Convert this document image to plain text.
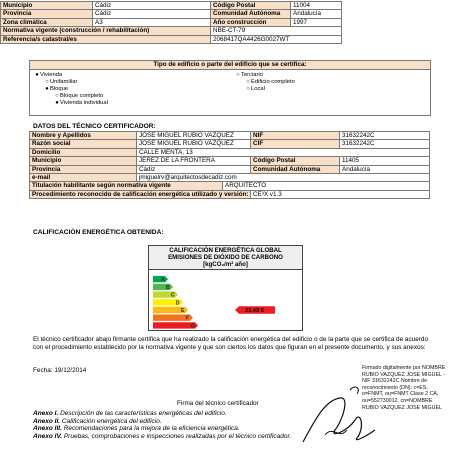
Municipio	Cádiz	Código Postal	11004
Provincia	Cádiz	Comunidad Autónoma	Andalucía
Zona climática	A3	Año construcción	1997
Normativa vigente (construcción / rehabilitación)		NBE-CT-79	
Referencia/s catastral/es		2068417QA4426G0027WT	
Tipo de edificio o parte del edificio que se certifica:
●Vivienda
○Unifamiliar
●Bloque
○Bloque completo
●Vivienda individual
○Terciario
○Edificio completo
○Local
DATOS DEL TÉCNICO CERTIFICADOR:
Nombre y Apellidos	JOSE MIGUEL RUBIO VAZQUEZ		NIF	31632242C
Razón social	JOSE MIGUEL RUBIO VAZQUEZ		CIF	31632242C
Domicilio	CALLE MENTA, 13			
Municipio	JEREZ DE LA FRONTERA		Código Postal	11405
Provincia	Cádiz		Comunidad Autónoma	Andalucía
e-mail	jmiguelrv@arquitectosdecadiz.com			
Titulación habilitante según normativa vigente		ARQUITECTO		
Procedimiento reconocido de calificación energética utilizado y versión:			CE³X v1.3	
CALIFICACIÓN ENERGÉTICA OBTENIDA:
CALIFICACIÓN ENERGÉTICA GLOBAL
EMISIONES DE DIÓXIDO DE CARBONO
[kgCO₂/m² año]
A
B
C
D
E
F
G
23.43 E
El técnico certificador abajo firmante certifica que ha realizado la calificación energética del edificio o de la parte que se certifica de acuerdo con el procedimiento establecido por la normativa vigente y que son ciertos los datos que figuran en el presente documento, y sus anexos:
Fecha: 19/12/2014
Firma del técnico certificador
Anexo I. Descripción de las características energéticas del edificio.
Anexo II. Calificación energética del edificio.
Anexo III. Recomendaciones para la mejora de la eficiencia energética.
Anexo IV. Pruebas, comprobaciones e inspecciones realizadas por el técnico certificador.
Firmado digitalmente por NOMBRE RUBIO VAZQUEZ JOSE MIGUEL - NIF 31632242C Nombre de reconocimiento (DN): c=ES, o=FNMT, ou=FNMT Clase 2 CA, ou=552730012, cn=NOMBRE RUBIO VAZQUEZ JOSE MIGUEL
